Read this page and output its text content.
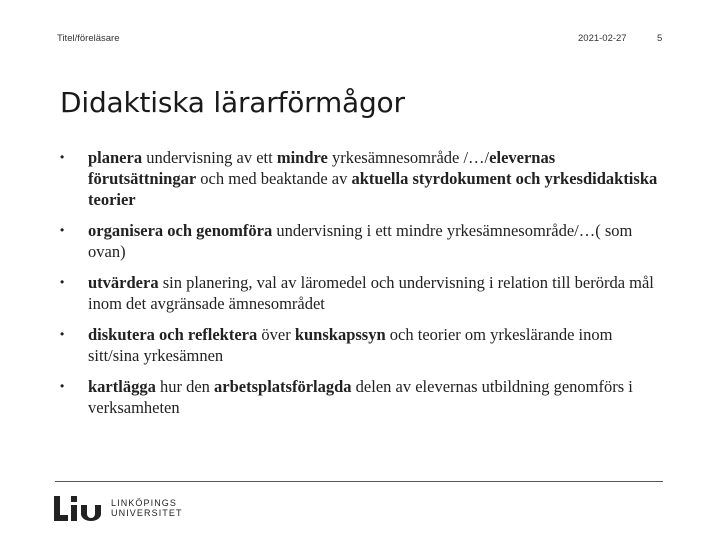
Titel/föreläsare	2021-02-27	5
Didaktiska lärarförmågor
• planera undervisning av ett mindre yrkesämnesområde /…/elevernas förutsättningar och med beaktande av aktuella styrdokument och yrkesdidaktiska teorier
• organisera och genomföra undervisning i ett mindre yrkesämnesområde/…( som ovan)
• utvärdera sin planering, val av läromedel och undervisning i relation till berörda mål inom det avgränsade ämnesområdet
• diskutera och reflektera över kunskapssyn och teorier om yrkeslärande inom sitt/sina yrkesämnen
• kartlägga hur den arbetsplatsförlagda delen av elevernas utbildning genomförs i verksamheten
LINKÖPINGS
UNIVERSITET
